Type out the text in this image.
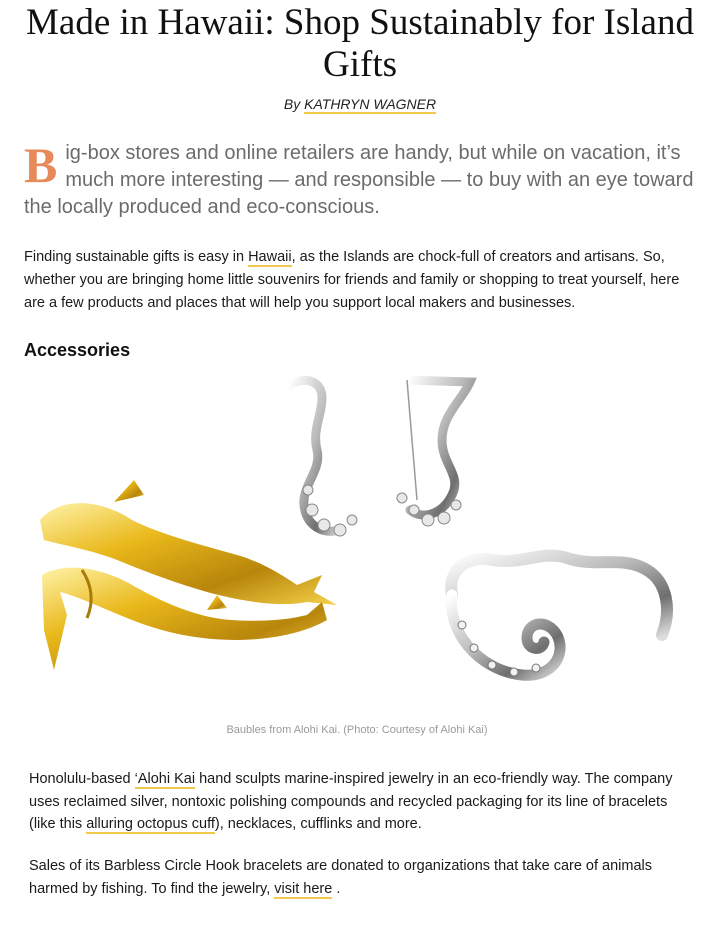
Made in Hawaii: Shop Sustainably for Island Gifts
By KATHRYN WAGNER

Big-box stores and online retailers are handy, but while on vacation, it’s much more interesting — and responsible — to buy with an eye toward the locally produced and eco-conscious.

Finding sustainable gifts is easy in Hawaii, as the Islands are chock-full of creators and artisans. So, whether you are bringing home little souvenirs for friends and family or shopping to treat yourself, here are a few products and places that will help you support local makers and businesses.

Accessories
Baubles from Alohi Kai. (Photo: Courtesy of Alohi Kai)

Honolulu-based ‘Alohi Kai hand sculpts marine-inspired jewelry in an eco-friendly way. The company uses reclaimed silver, nontoxic polishing compounds and recycled packaging for its line of bracelets (like this alluring octopus cuff), necklaces, cufflinks and more.

Sales of its Barbless Circle Hook bracelets are donated to organizations that take care of animals harmed by fishing. To find the jewelry, visit here .
